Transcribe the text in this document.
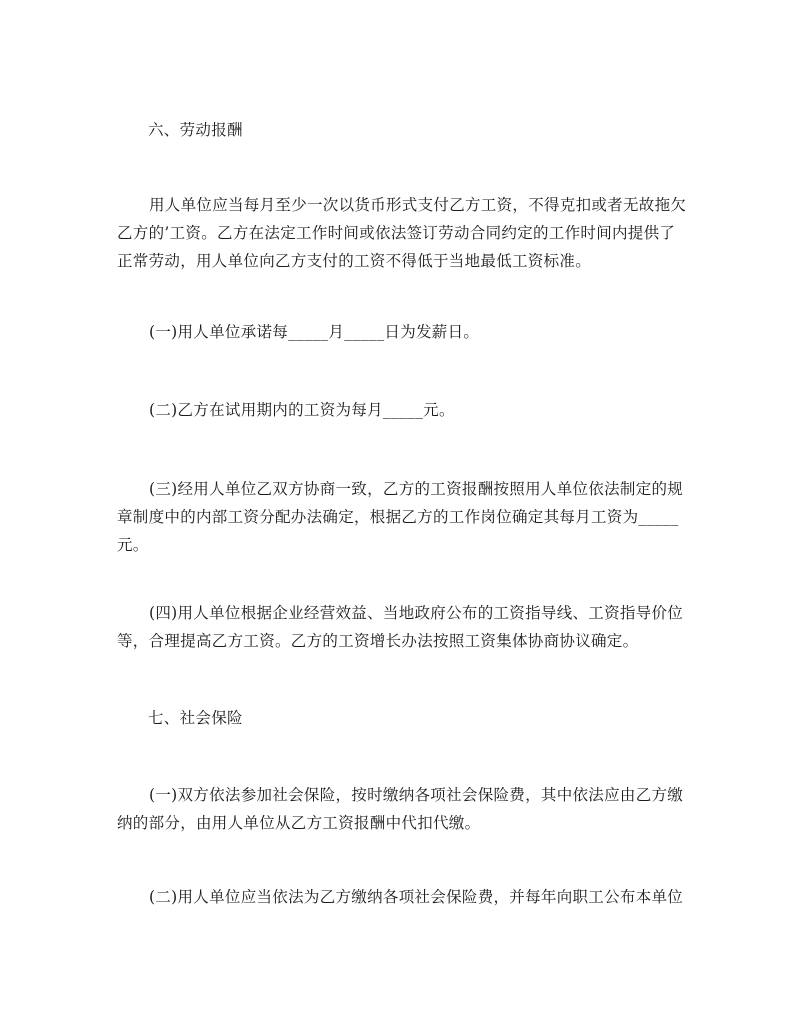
六、劳动报酬

用人单位应当每月至少一次以货币形式支付乙方工资，不得克扣或者无故拖欠乙方的’工资。乙方在法定工作时间或依法签订劳动合同约定的工作时间内提供了正常劳动，用人单位向乙方支付的工资不得低于当地最低工资标准。

(一)用人单位承诺每_____月_____日为发薪日。

(二)乙方在试用期内的工资为每月_____元。

(三)经用人单位乙双方协商一致，乙方的工资报酬按照用人单位依法制定的规章制度中的内部工资分配办法确定，根据乙方的工作岗位确定其每月工资为_____元。

(四)用人单位根据企业经营效益、当地政府公布的工资指导线、工资指导价位等，合理提高乙方工资。乙方的工资增长办法按照工资集体协商协议确定。

七、社会保险

(一)双方依法参加社会保险，按时缴纳各项社会保险费，其中依法应由乙方缴纳的部分，由用人单位从乙方工资报酬中代扣代缴。

(二)用人单位应当依法为乙方缴纳各项社会保险费，并每年向职工公布本单位
